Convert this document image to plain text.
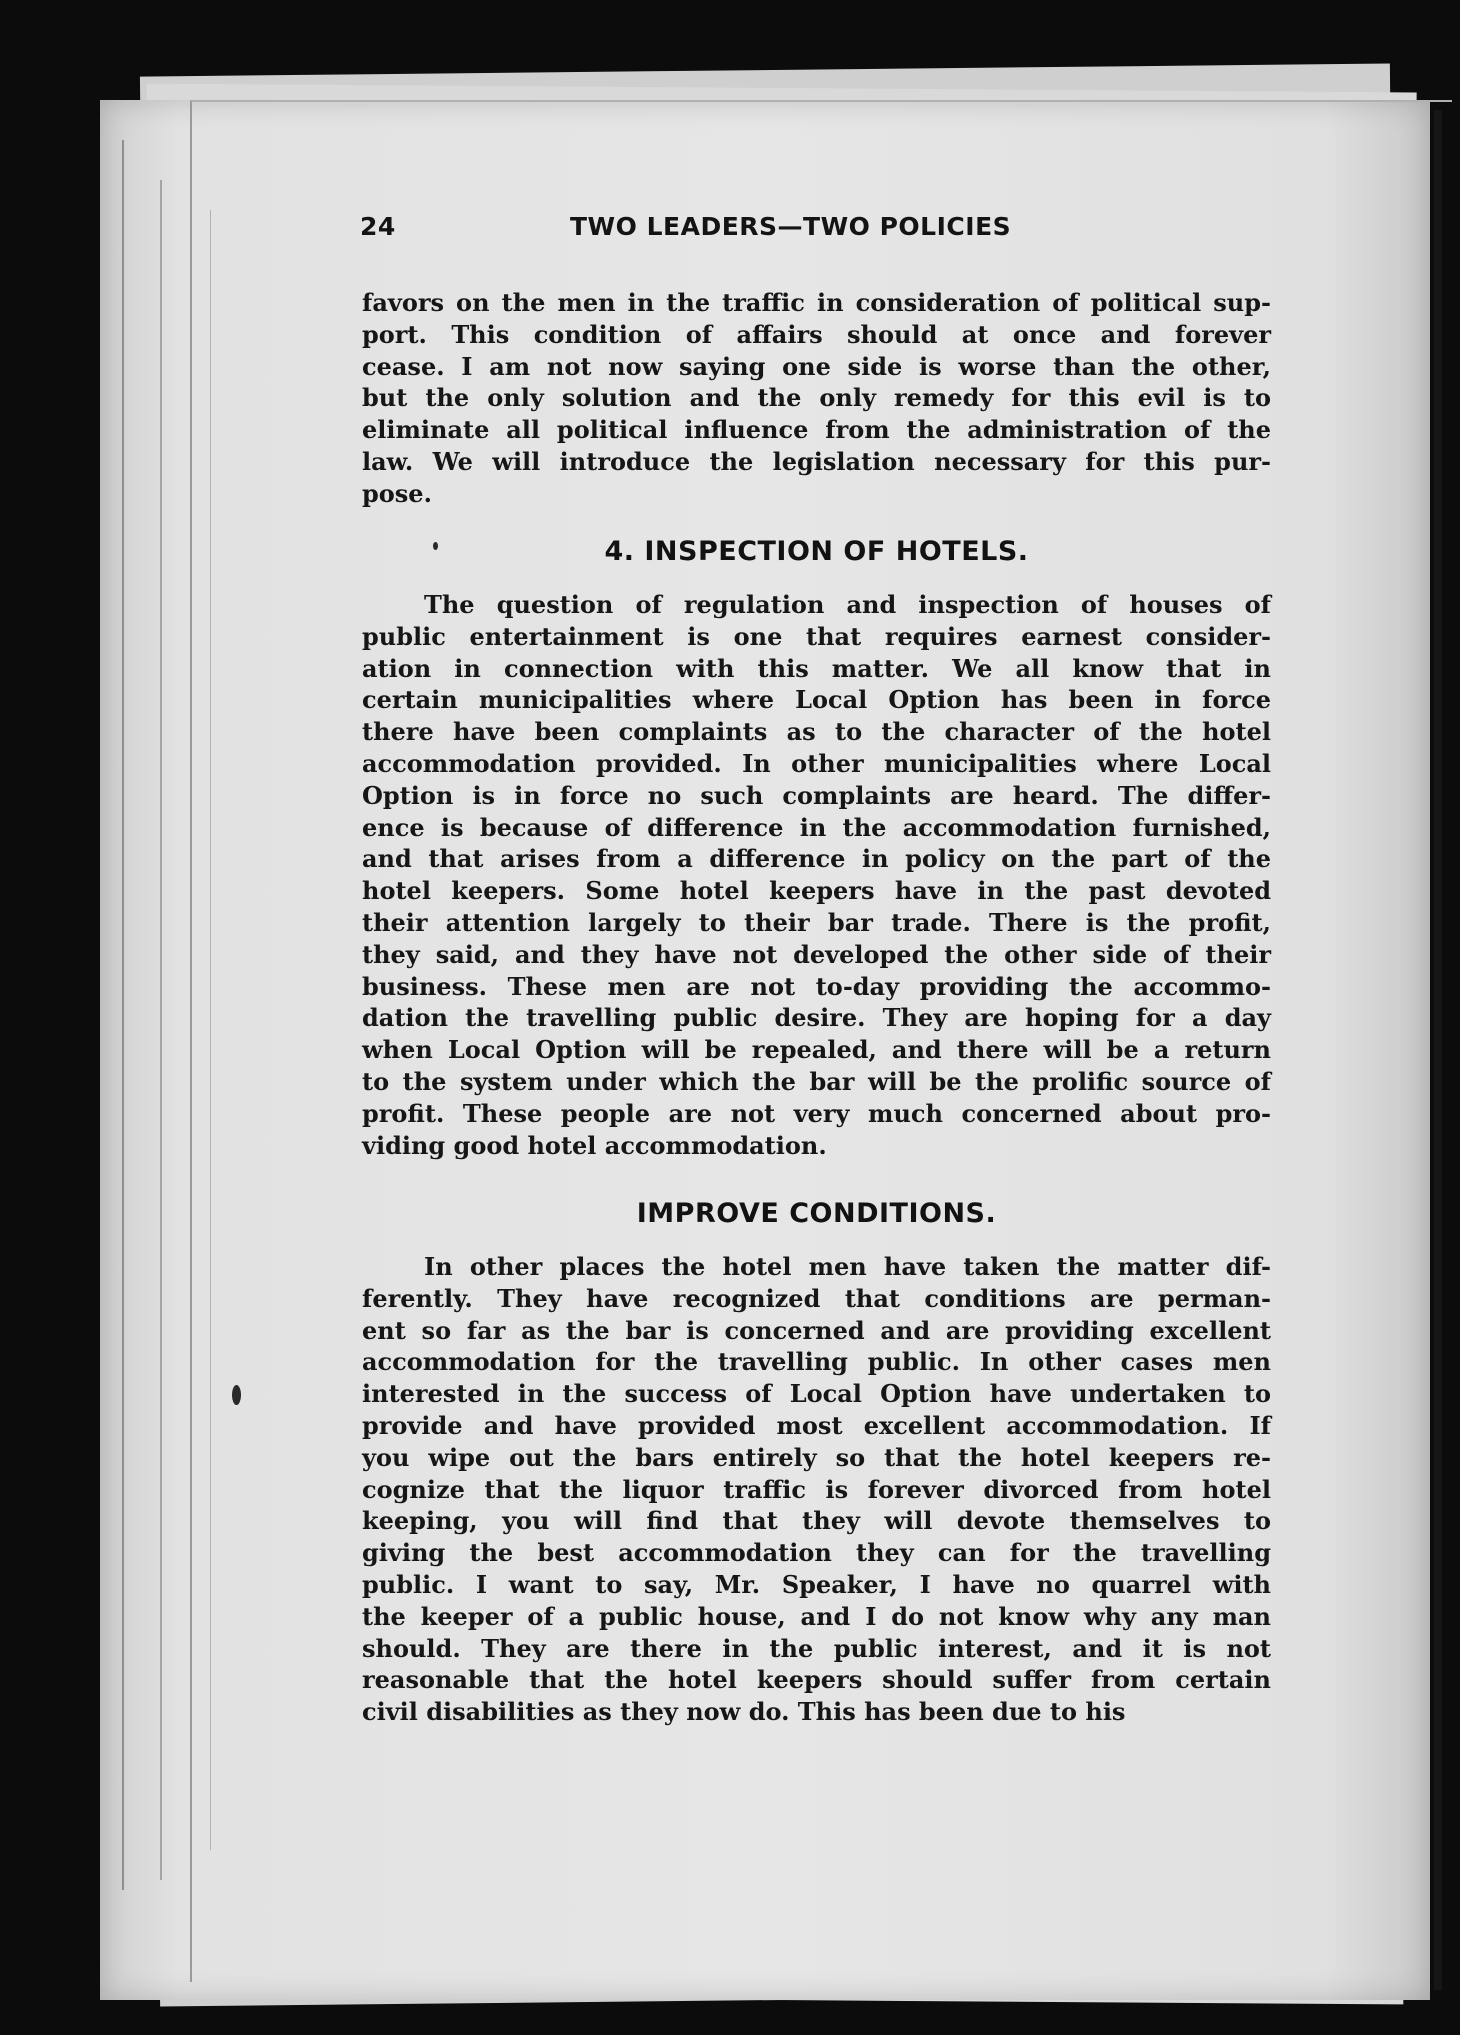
24	TWO LEADERS—TWO POLICIES
favors on the men in the traffic in consideration of political sup-
port. This condition of affairs should at once and forever
cease. I am not now saying one side is worse than the other,
but the only solution and the only remedy for this evil is to
eliminate all political influence from the administration of the
law. We will introduce the legislation necessary for this pur-
pose.
4. INSPECTION OF HOTELS.
The question of regulation and inspection of houses of
public entertainment is one that requires earnest consider-
ation in connection with this matter. We all know that in
certain municipalities where Local Option has been in force
there have been complaints as to the character of the hotel
accommodation provided. In other municipalities where Local
Option is in force no such complaints are heard. The differ-
ence is because of difference in the accommodation furnished,
and that arises from a difference in policy on the part of the
hotel keepers. Some hotel keepers have in the past devoted
their attention largely to their bar trade. There is the profit,
they said, and they have not developed the other side of their
business. These men are not to-day providing the accommo-
dation the travelling public desire. They are hoping for a day
when Local Option will be repealed, and there will be a return
to the system under which the bar will be the prolific source of
profit. These people are not very much concerned about pro-
viding good hotel accommodation.
IMPROVE CONDITIONS.
In other places the hotel men have taken the matter dif-
ferently. They have recognized that conditions are perman-
ent so far as the bar is concerned and are providing excellent
accommodation for the travelling public. In other cases men
interested in the success of Local Option have undertaken to
provide and have provided most excellent accommodation. If
you wipe out the bars entirely so that the hotel keepers re-
cognize that the liquor traffic is forever divorced from hotel
keeping, you will find that they will devote themselves to
giving the best accommodation they can for the travelling
public. I want to say, Mr. Speaker, I have no quarrel with
the keeper of a public house, and I do not know why any man
should. They are there in the public interest, and it is not
reasonable that the hotel keepers should suffer from certain
civil disabilities as they now do. This has been due to his
